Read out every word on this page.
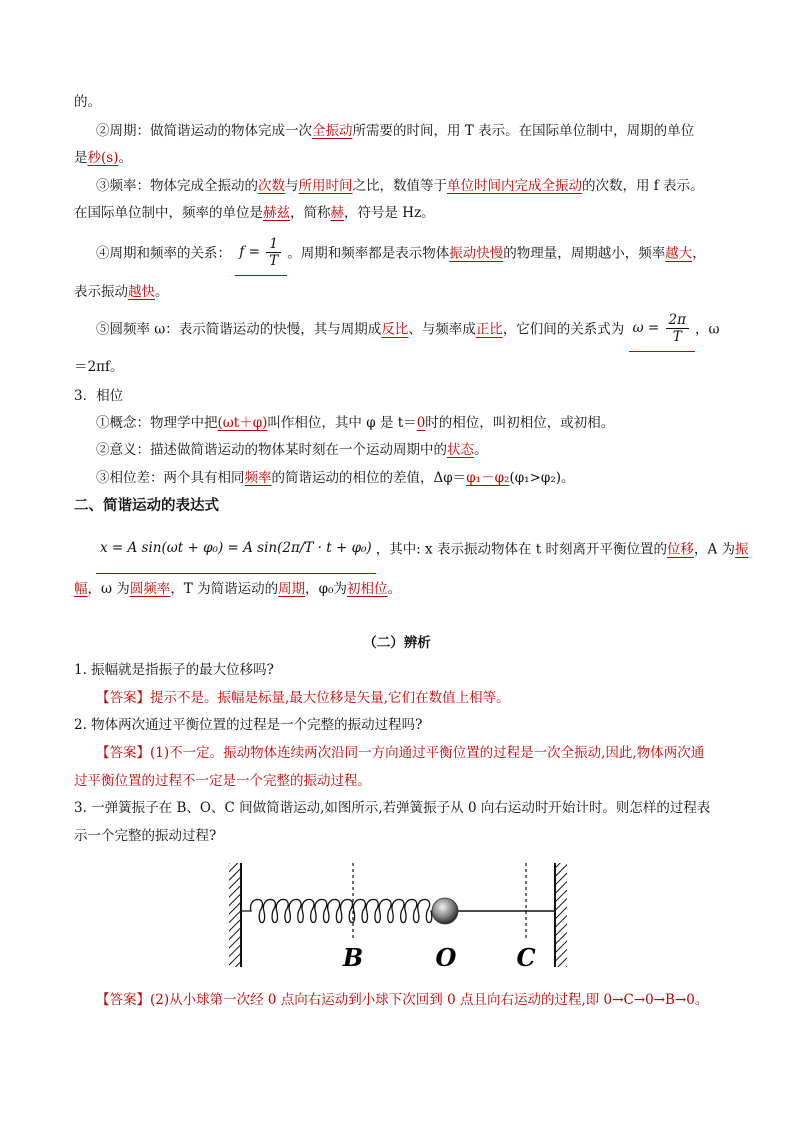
的。
②周期：做简谐运动的物体完成一次全振动所需要的时间，用 T 表示。在国际单位制中，周期的单位
是秒(s)。
③频率：物体完成全振动的次数与所用时间之比，数值等于单位时间内完成全振动的次数，用 f 表示。
在国际单位制中，频率的单位是赫兹，简称赫，符号是 Hz。
④周期和频率的关系： $f = \frac{1}{T}$ 。周期和频率都是表示物体振动快慢的物理量，周期越小，频率越大，
表示振动越快。
⑤圆频率 ω：表示简谐运动的快慢，其与周期成反比、与频率成正比，它们间的关系式为 $\omega = \frac{2\pi}{T}$ ，ω
＝2πf。
3．相位
①概念：物理学中把(ωt＋φ)叫作相位，其中 φ 是 t＝0时的相位，叫初相位，或初相。
②意义：描述做简谐运动的物体某时刻在一个运动周期中的状态。
③相位差：两个具有相同频率的简谐运动的相位的差值，Δφ＝φ₁－φ₂(φ₁>φ₂)。
二、简谐运动的表达式
x = A sin(ωt + φ₀) = A sin(2π/T · t + φ₀) ，其中: x 表示振动物体在 t 时刻离开平衡位置的位移，A 为振
幅，ω 为圆频率，T 为简谐运动的周期，φ₀为初相位。
（二）辨析
1. 振幅就是指振子的最大位移吗?
【答案】提示不是。振幅是标量,最大位移是矢量,它们在数值上相等。
2. 物体两次通过平衡位置的过程是一个完整的振动过程吗?
【答案】(1)不一定。振动物体连续两次沿同一方向通过平衡位置的过程是一次全振动,因此,物体两次通
过平衡位置的过程不一定是一个完整的振动过程。
3. 一弹簧振子在 B、O、C 间做简谐运动,如图所示,若弹簧振子从 0 向右运动时开始计时。则怎样的过程表
示一个完整的振动过程?
B	O C
【答案】(2)从小球第一次经 0 点向右运动到小球下次回到 0 点且向右运动的过程,即 0→C→0→B→0。
